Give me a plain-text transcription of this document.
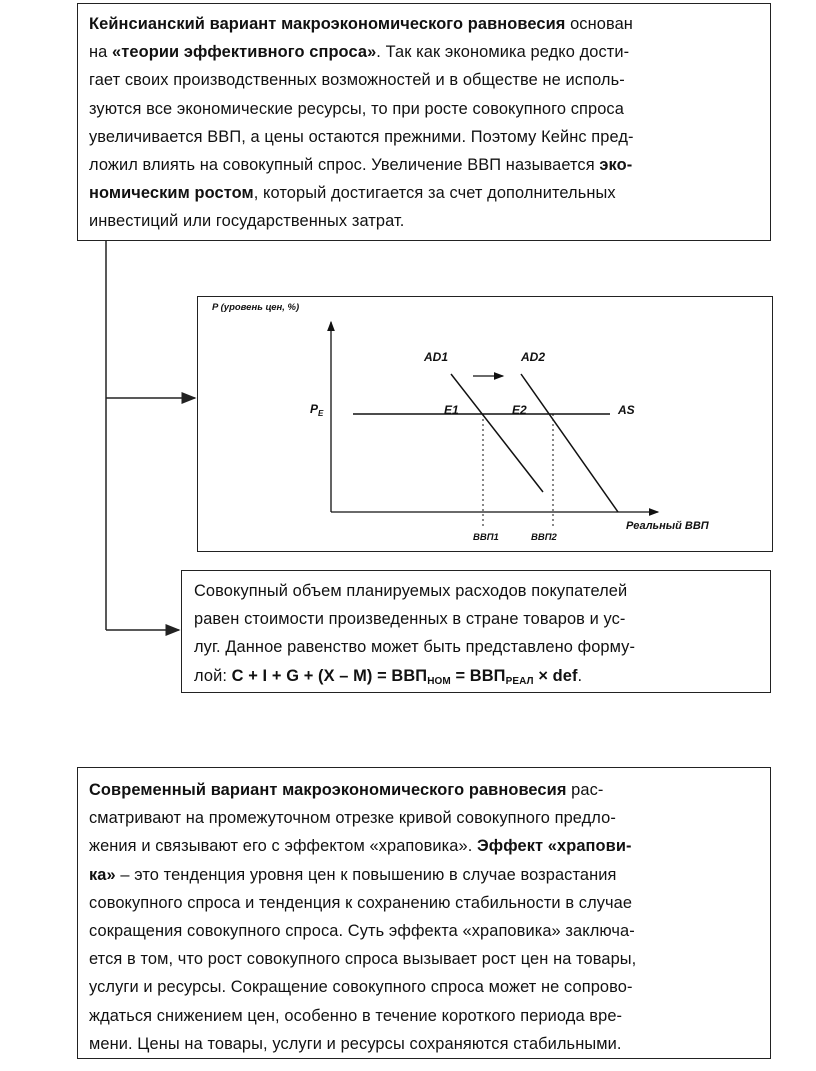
Кейнсианский вариант макроэкономического равновесия основан
на «теории эффективного спроса». Так как экономика редко дости-
гает своих производственных возможностей и в обществе не исполь-
зуются все экономические ресурсы, то при росте совокупного спроса
увеличивается ВВП, а цены остаются прежними. Поэтому Кейнс пред-
ложил влиять на совокупный спрос. Увеличение ВВП называется эко-
номическим ростом, который достигается за счет дополнительных
инвестиций или государственных затрат.

P (уровень цен, %)
Реальный ВВП
$P_E$
AD1	AD2
AS
E1	E2
ВВП1	ВВП2

Совокупный объем планируемых расходов покупателей
равен стоимости произведенных в стране товаров и ус-
луг. Данное равенство может быть представлено форму-
лой: $C + I + G + (X - M) = ВВП_{НОМ} = ВВП_{РЕАЛ}$ × def.

Современный вариант макроэкономического равновесия рас-
сматривают на промежуточном отрезке кривой совокупного предло-
жения и связывают его с эффектом «храповика». Эффект «храпови-
ка» – это тенденция уровня цен к повышению в случае возрастания
совокупного спроса и тенденция к сохранению стабильности в случае
сокращения совокупного спроса. Суть эффекта «храповика» заключа-
ется в том, что рост совокупного спроса вызывает рост цен на товары,
услуги и ресурсы. Сокращение совокупного спроса может не сопрово-
ждаться снижением цен, особенно в течение короткого периода вре-
мени. Цены на товары, услуги и ресурсы сохраняются стабильными.
